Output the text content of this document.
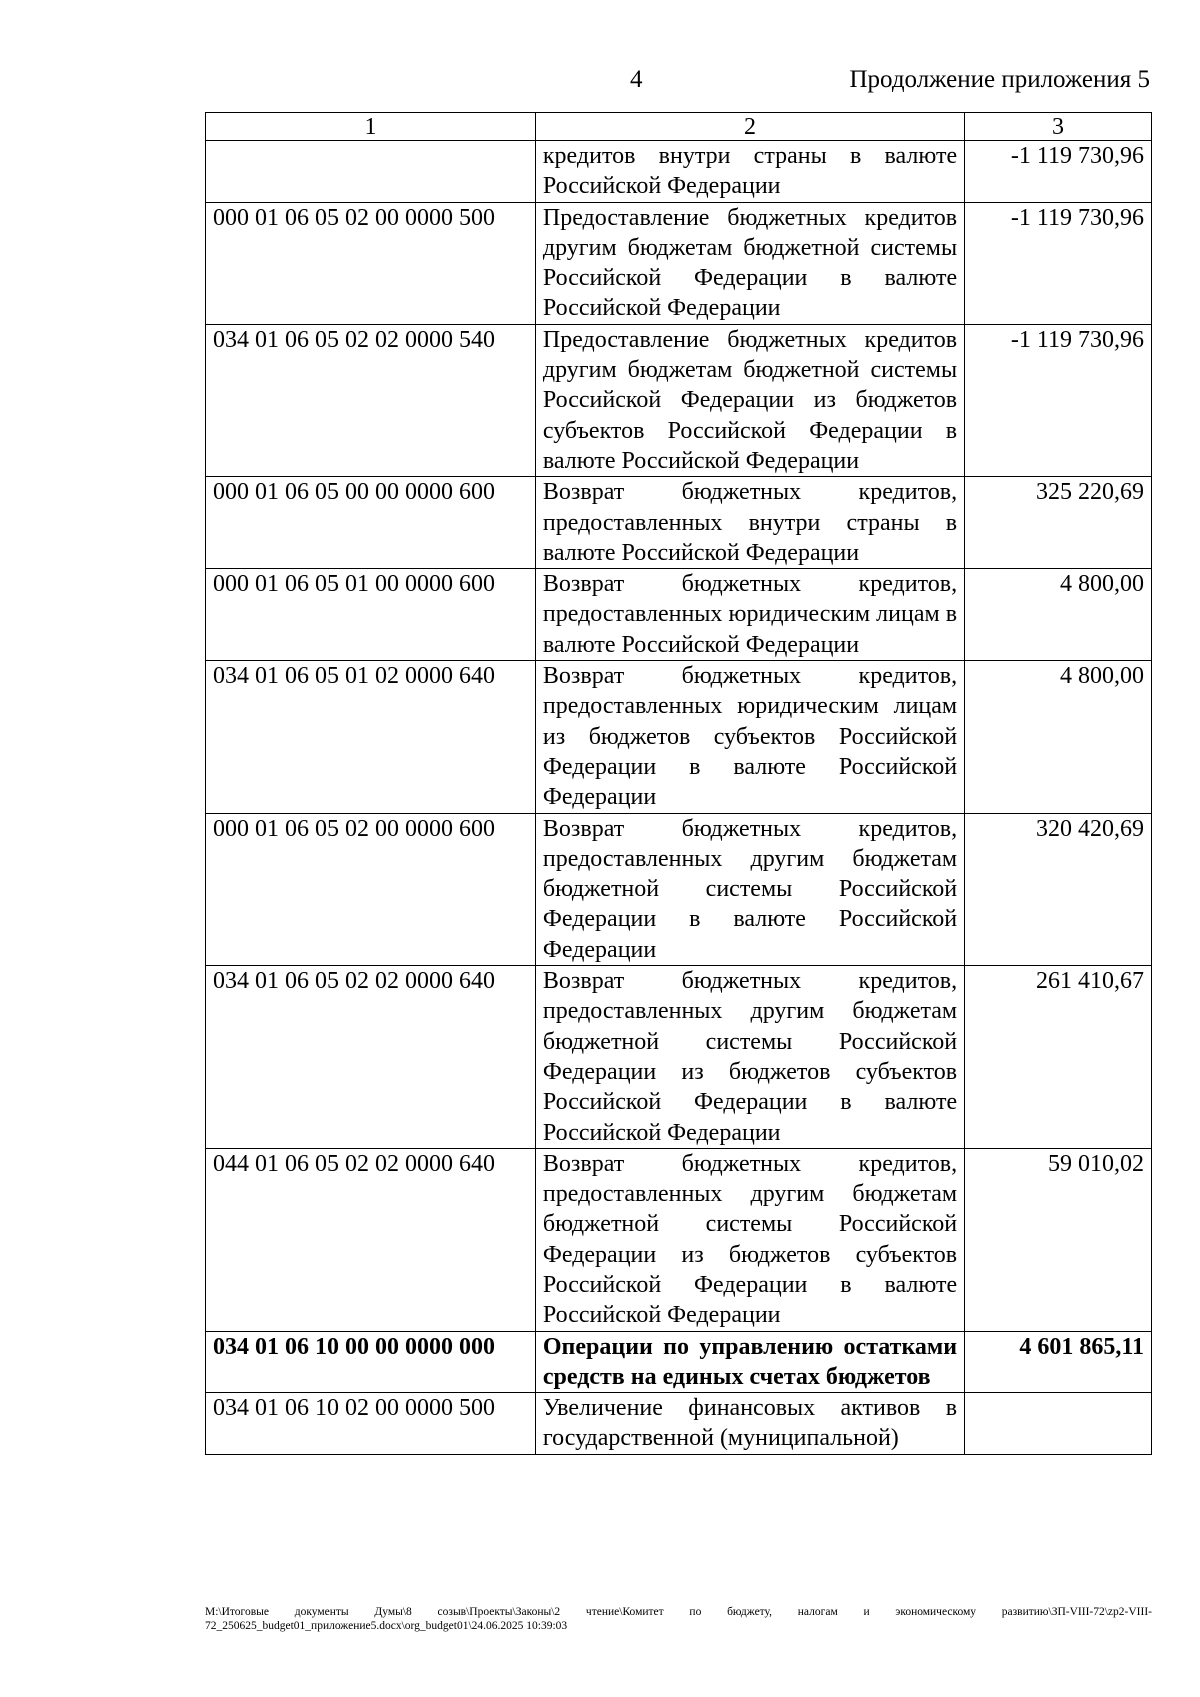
4	Продолжение приложения 5
1	2	3
	кредитов внутри страны в валюте Российской Федерации	-1 119 730,96
000 01 06 05 02 00 0000 500	Предоставление бюджетных кредитов другим бюджетам бюджетной системы Российской Федерации в валюте Российской Федерации	-1 119 730,96
034 01 06 05 02 02 0000 540	Предоставление бюджетных кредитов другим бюджетам бюджетной системы Российской Федерации из бюджетов субъектов Российской Федерации в валюте Российской Федерации	-1 119 730,96
000 01 06 05 00 00 0000 600	Возврат бюджетных кредитов, предоставленных внутри страны в валюте Российской Федерации	325 220,69
000 01 06 05 01 00 0000 600	Возврат бюджетных кредитов, предоставленных юридическим лицам в валюте Российской Федерации	4 800,00
034 01 06 05 01 02 0000 640	Возврат бюджетных кредитов, предоставленных юридическим лицам из бюджетов субъектов Российской Федерации в валюте Российской Федерации	4 800,00
000 01 06 05 02 00 0000 600	Возврат бюджетных кредитов, предоставленных другим бюджетам бюджетной системы Российской Федерации в валюте Российской Федерации	320 420,69
034 01 06 05 02 02 0000 640	Возврат бюджетных кредитов, предоставленных другим бюджетам бюджетной системы Российской Федерации из бюджетов субъектов Российской Федерации в валюте Российской Федерации	261 410,67
044 01 06 05 02 02 0000 640	Возврат бюджетных кредитов, предоставленных другим бюджетам бюджетной системы Российской Федерации из бюджетов субъектов Российской Федерации в валюте Российской Федерации	59 010,02
034 01 06 10 00 00 0000 000	Операции по управлению остатками средств на единых счетах бюджетов	4 601 865,11
034 01 06 10 02 00 0000 500	Увеличение финансовых активов в государственной (муниципальной)	
M:\Итоговые документы Думы\8 созыв\Проекты\Законы\2 чтение\Комитет по бюджету, налогам и экономическому развитию\ЗП-VIII-72\zp2-VIII-72_250625_budget01_приложение5.docx\org_budget01\24.06.2025 10:39:03
